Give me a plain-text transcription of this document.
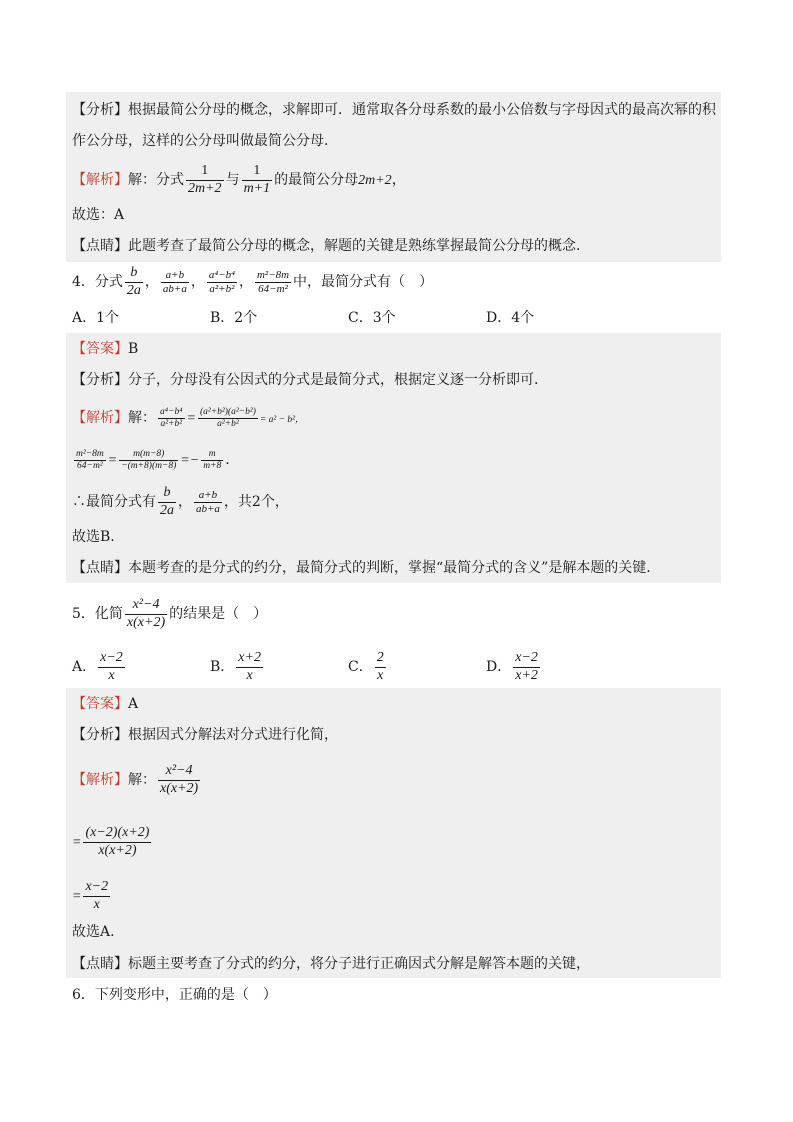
【分析】根据最简公分母的概念，求解即可．通常取各分母系数的最小公倍数与字母因式的最高次幂的积
作公分母，这样的公分母叫做最简公分母．
【解析】解：分式 $\frac{1}{2m+2}$ 与 $\frac{1}{m+1}$ 的最简公分母2m+2，
故选：A
【点睛】此题考查了最简公分母的概念，解题的关键是熟练掌握最简公分母的概念．
4．分式 $\frac{b}{2a}$ ， $\frac{a+b}{ab+a}$ ， $\frac{\text{a⁴−b⁴}}{\text{a²+b²}}$ ， $\frac{\text{m²−8m}}{\text{64−m²}}$ 中，最简分式有（　）
A．1个	B．2个	C．3个	D．4个
【答案】B
【分析】分子，分母没有公因式的分式是最简分式，根据定义逐一分析即可.
【解析】解： $\frac{\text{a⁴−b⁴}}{\text{a²+b²}} = \frac{\text{(a²+b²)(a²−b²)}}{\text{a²+b²}} = a^2 - b^2$，
$\frac{\text{m²−8m}}{\text{64−m²}} = \frac{m(m-8)}{-(m+8)(m-8)} =- \frac{m}{m+8}$ .
∴最简分式有 $\frac{b}{2a}$ ， $\frac{a+b}{ab+a}$ ，共2个，
故选B.
【点睛】本题考查的是分式的约分，最简分式的判断，掌握“最简分式的含义”是解本题的关键.
5．化简 $\frac{\text{x²−4}}{x(x+2)}$ 的结果是（　）
A． $\frac{x-2}{x}$	B． $\frac{x+2}{x}$	C． $\frac{2}{x}$	D． $\frac{x-2}{x+2}$
【答案】A
【分析】根据因式分解法对分式进行化简，
【解析】解： $\frac{\text{x²−4}}{x(x+2)}$
= $\frac{(x-2)(x+2)}{x(x+2)}$
= $\frac{x-2}{x}$
故选A.
【点睛】标题主要考查了分式的约分，将分子进行正确因式分解是解答本题的关键，
6．下列变形中，正确的是（　）
